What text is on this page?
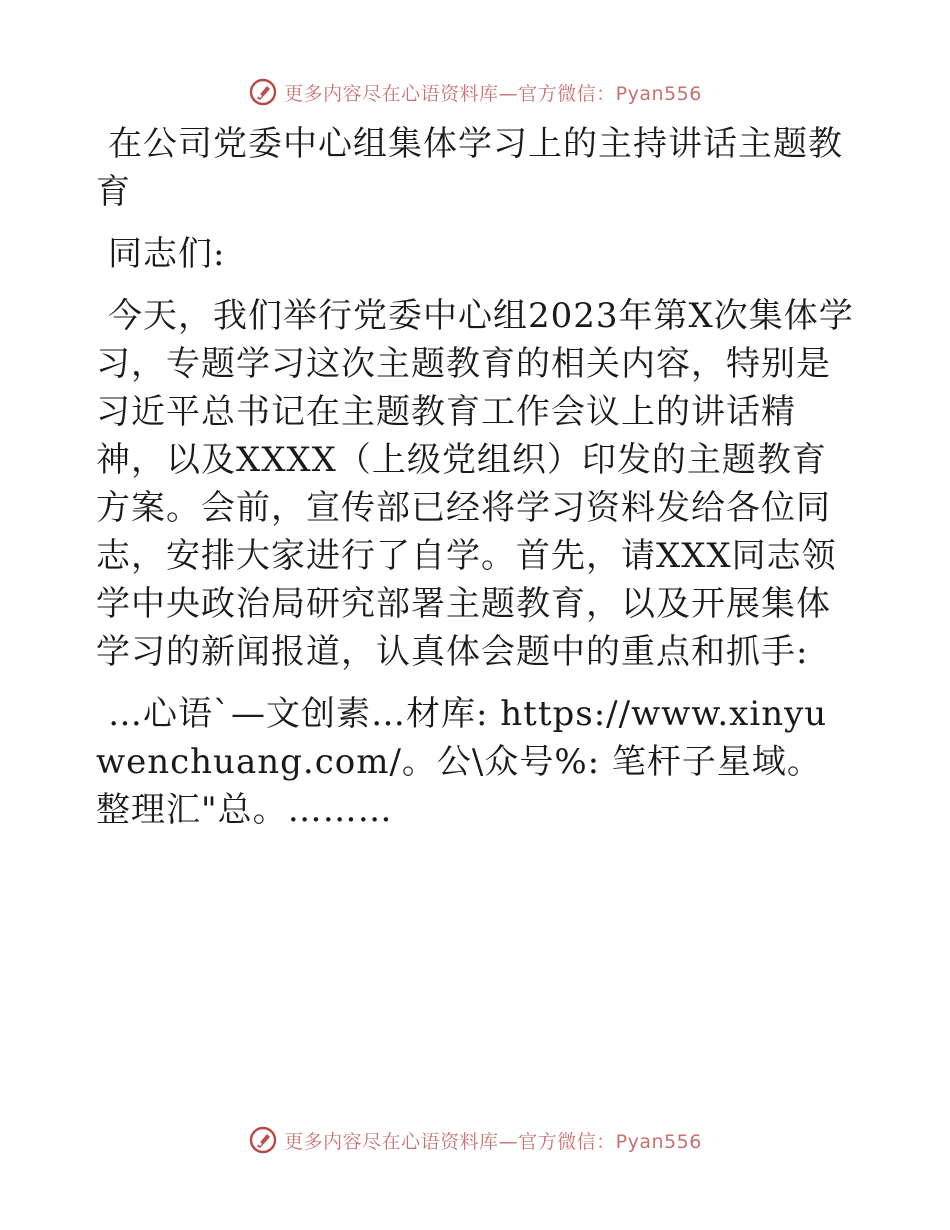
更多内容尽在心语资料库—官方微信：Pyan556

在公司党委中心组集体学习上的主持讲话主题教育

同志们:

今天，我们举行党委中心组2023年第X次集体学习，专题学习这次主题教育的相关内容，特别是习近平总书记在主题教育工作会议上的讲话精神，以及XXXX（上级党组织）印发的主题教育方案。会前，宣传部已经将学习资料发给各位同志，安排大家进行了自学。首先，请XXX同志领学中央政治局研究部署主题教育，以及开展集体学习的新闻报道，认真体会题中的重点和抓手:

…心语`—文创素…材库: https://www.xinyuwenchuang.com/。公\众号%: 笔杆子星域。整理汇"总。………

更多内容尽在心语资料库—官方微信：Pyan556
